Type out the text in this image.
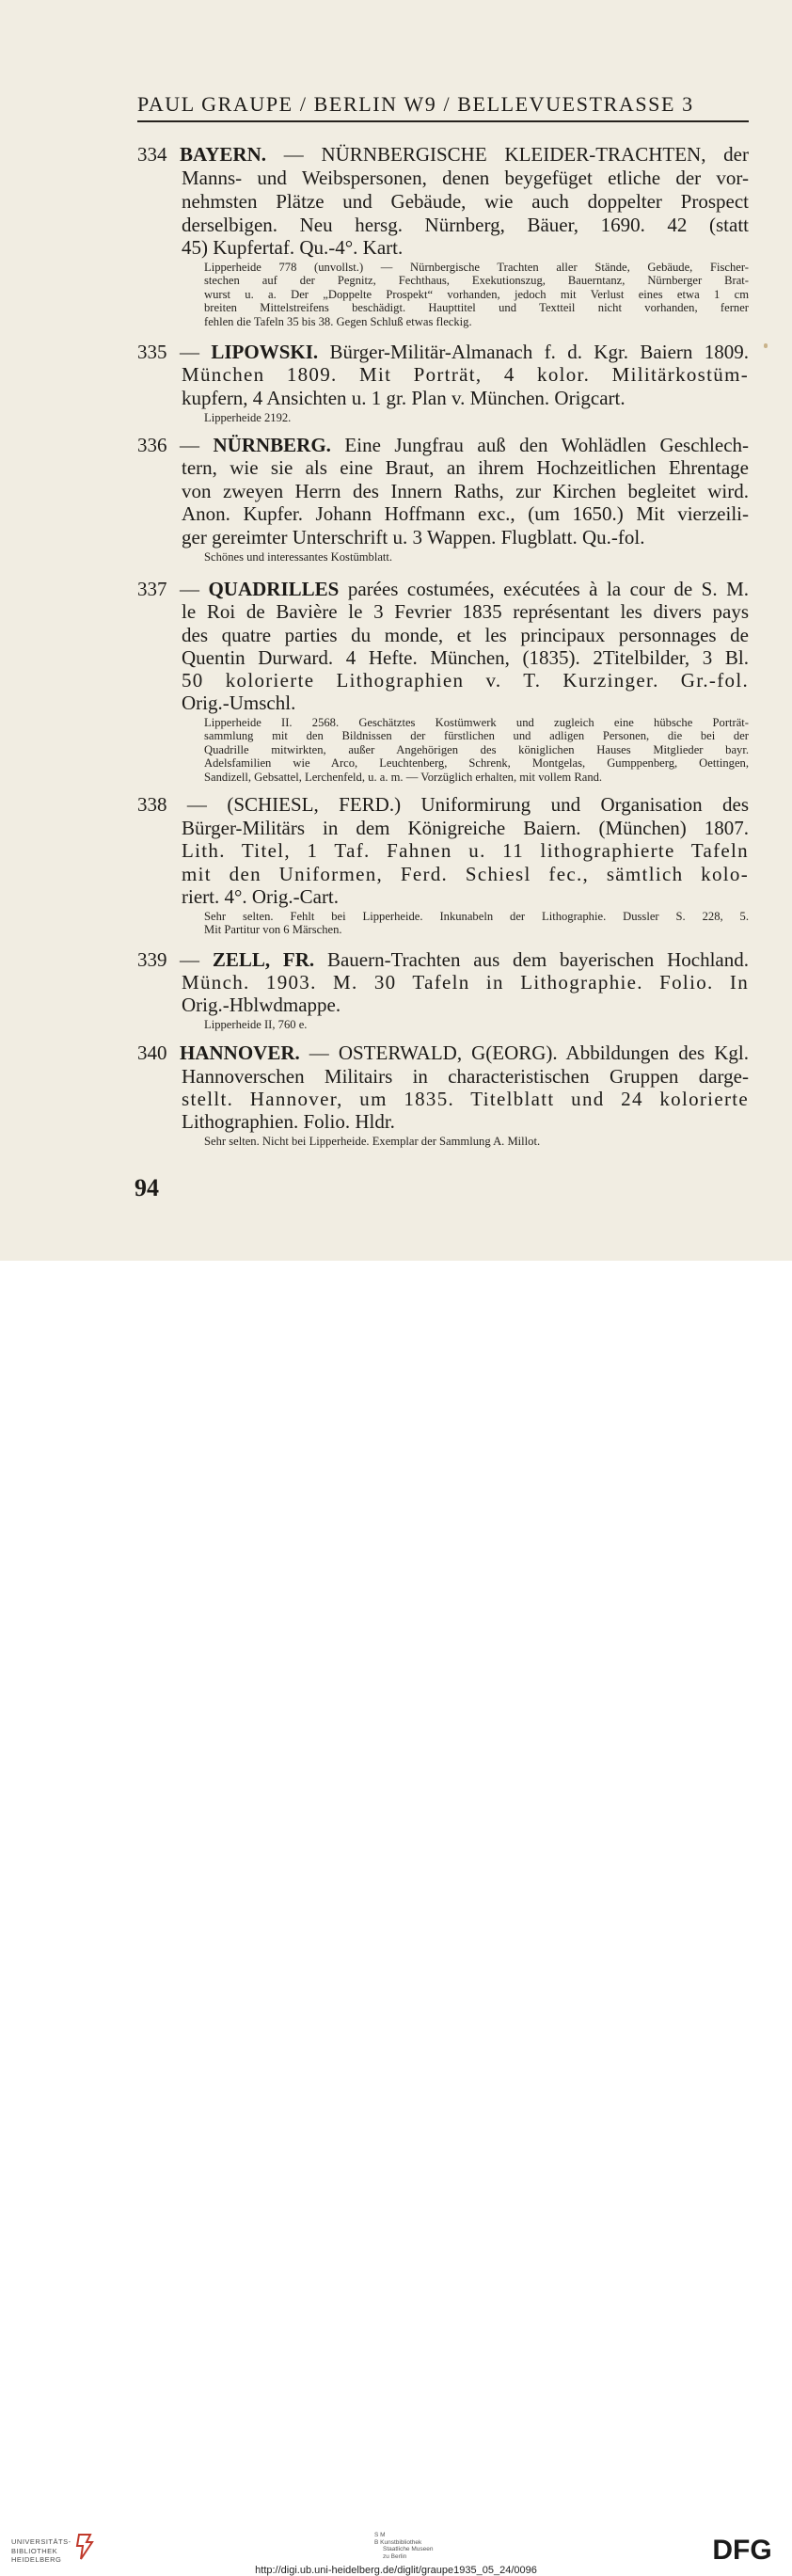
PAUL GRAUPE / BERLIN W9 / BELLEVUESTRASSE 3
334 BAYERN. — NÜRNBERGISCHE KLEIDER-TRACHTEN, der
Manns- und Weibspersonen, denen beygefüget etliche der vor-
nehmsten Plätze und Gebäude, wie auch doppelter Prospect
derselbigen. Neu hersg. Nürnberg, Bäuer, 1690. 42 (statt
45) Kupfertaf. Qu.-4°. Kart.
Lipperheide 778 (unvollst.) — Nürnbergische Trachten aller Stände, Gebäude, Fischer-
stechen auf der Pegnitz, Fechthaus, Exekutionszug, Bauerntanz, Nürnberger Brat-
wurst u. a. Der „Doppelte Prospekt“ vorhanden, jedoch mit Verlust eines etwa 1 cm
breiten Mittelstreifens beschädigt. Haupttitel und Textteil nicht vorhanden, ferner
fehlen die Tafeln 35 bis 38. Gegen Schluß etwas fleckig.
335 — LIPOWSKI. Bürger-Militär-Almanach f. d. Kgr. Baiern 1809.
München 1809. Mit Porträt, 4 kolor. Militärkostüm-
kupfern, 4 Ansichten u. 1 gr. Plan v. München. Origcart.
Lipperheide 2192.
336 — NÜRNBERG. Eine Jungfrau auß den Wohlädlen Geschlech-
tern, wie sie als eine Braut, an ihrem Hochzeitlichen Ehrentage
von zweyen Herrn des Innern Raths, zur Kirchen begleitet wird.
Anon. Kupfer. Johann Hoffmann exc., (um 1650.) Mit vierzeili-
ger gereimter Unterschrift u. 3 Wappen. Flugblatt. Qu.-fol.
Schönes und interessantes Kostümblatt.
337 — QUADRILLES parées costumées, exécutées à la cour de S. M.
le Roi de Bavière le 3 Fevrier 1835 représentant les divers pays
des quatre parties du monde, et les principaux personnages de
Quentin Durward. 4 Hefte. München, (1835). 2Titelbilder, 3 Bl.
50 kolorierte Lithographien v. T. Kurzinger. Gr.-fol.
Orig.-Umschl.
Lipperheide II. 2568. Geschätztes Kostümwerk und zugleich eine hübsche Porträt-
sammlung mit den Bildnissen der fürstlichen und adligen Personen, die bei der
Quadrille mitwirkten, außer Angehörigen des königlichen Hauses Mitglieder bayr.
Adelsfamilien wie Arco, Leuchtenberg, Schrenk, Montgelas, Gumppenberg, Oettingen,
Sandizell, Gebsattel, Lerchenfeld, u. a. m. — Vorzüglich erhalten, mit vollem Rand.
338 — (SCHIESL, FERD.) Uniformirung und Organisation des
Bürger-Militärs in dem Königreiche Baiern. (München) 1807.
Lith. Titel, 1 Taf. Fahnen u. 11 lithographierte Tafeln
mit den Uniformen, Ferd. Schiesl fec., sämtlich kolo-
riert. 4°. Orig.-Cart.
Sehr selten. Fehlt bei Lipperheide. Inkunabeln der Lithographie. Dussler S. 228, 5.
Mit Partitur von 6 Märschen.
339 — ZELL, FR. Bauern-Trachten aus dem bayerischen Hochland.
Münch. 1903. M. 30 Tafeln in Lithographie. Folio. In
Orig.-Hblwdmappe.
Lipperheide II, 760 e.
340 HANNOVER. — OSTERWALD, G(EORG). Abbildungen des Kgl.
Hannoverschen Militairs in characteristischen Gruppen darge-
stellt. Hannover, um 1835. Titelblatt und 24 kolorierte
Lithographien. Folio. Hldr.
Sehr selten. Nicht bei Lipperheide. Exemplar der Sammlung A. Millot.
94
UNIVERSITÄTS-
BIBLIOTHEK
HEIDELBERG
S M
B Kunstbibliothek
Staatliche Museen
zu Berlin	DFG
http://digi.ub.uni-heidelberg.de/diglit/graupe1935_05_24/0096
